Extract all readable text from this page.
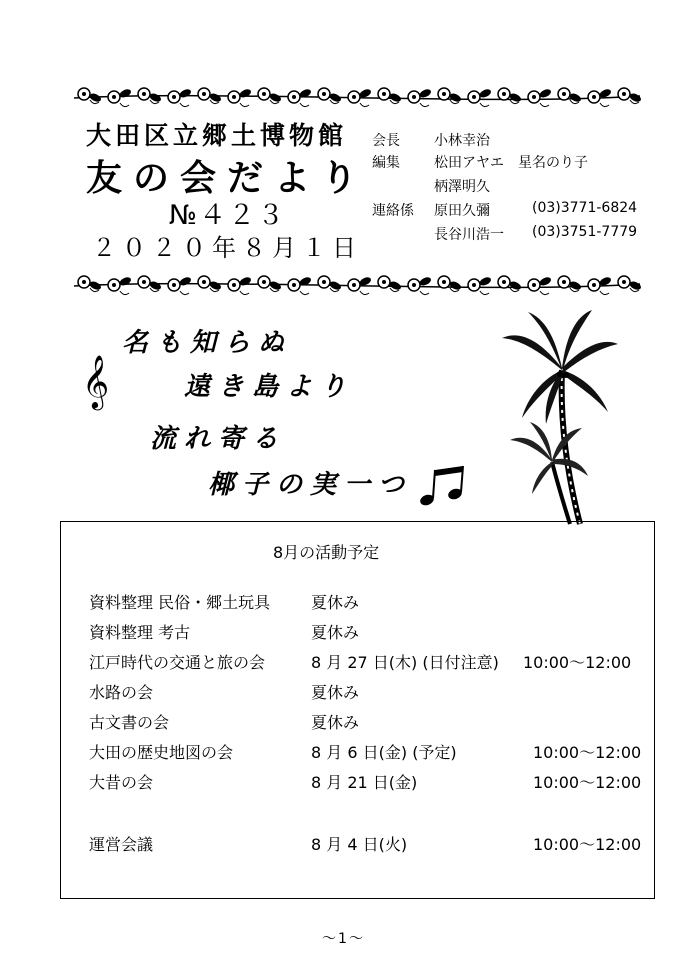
大田区立郷土博物館
友の会だより
№４２３
２０２０年８月１日
会長 小林幸治
編集 松田アヤエ　星名のり子
柄澤明久
連絡係 原田久彌	(03)3771-6824
長谷川浩一 (03)3751-7779
名も知らぬ
𝄞	遠き島より
流れ寄る
椰子の実一つ
8月の活動予定
資料整理 民俗・郷土玩具	夏休み
資料整理 考古	夏休み
江戸時代の交通と旅の会	8 月 27 日(木) (日付注意) 10:00～12:00
水路の会	夏休み
古文書の会	夏休み
大田の歴史地図の会	8 月 6 日(金) (予定)	10:00～12:00
大昔の会	8 月 21 日(金)	10:00～12:00
運営会議	8 月 4 日(火)	10:00～12:00
～1～
